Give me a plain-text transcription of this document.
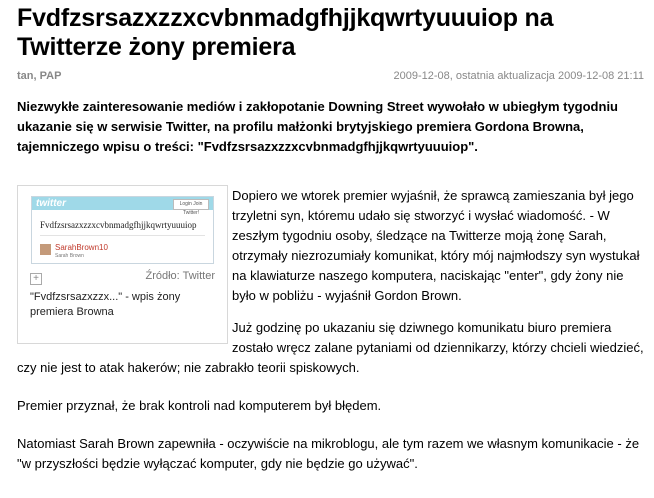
Fvdfzsrsazxzzxcvbnmadgfhjjkqwrtyuuuiop na Twitterze żony premiera
tan, PAP	2009-12-08, ostatnia aktualizacja 2009-12-08 21:11

Niezwykłe zainteresowanie mediów i zakłopotanie Downing Street wywołało w ubiegłym tygodniu ukazanie się w serwisie Twitter, na profilu małżonki brytyjskiego premiera Gordona Browna, tajemniczego wpisu o treści: "Fvdfzsrsazxzzxcvbnmadgfhjjkqwrtyuuuiop".

twitter	Login Join Twitter!
Fvdfzsrsazxzzxcvbnmadgfhjjkqwrtyuuuiop
SarahBrown10
Sarah Brown
+	Źródło: Twitter

"Fvdfzsrsazxzzx..." - wpis żony premiera Browna

Dopiero we wtorek premier wyjaśnił, że sprawcą zamieszania był jego trzyletni syn, któremu udało się stworzyć i wysłać wiadomość. - W zeszłym tygodniu osoby, śledzące na Twitterze moją żonę Sarah, otrzymały niezrozumiały komunikat, który mój najmłodszy syn wystukał na klawiaturze naszego komputera, naciskając "enter", gdy żony nie było w pobliżu - wyjaśnił Gordon Brown.

Już godzinę po ukazaniu się dziwnego komunikatu biuro premiera zostało wręcz zalane pytaniami od dziennikarzy, którzy chcieli wiedzieć,

czy nie jest to atak hakerów; nie zabrakło teorii spiskowych.

Premier przyznał, że brak kontroli nad komputerem był błędem.

Natomiast Sarah Brown zapewniła - oczywiście na mikroblogu, ale tym razem we własnym komunikacie - że "w przyszłości będzie wyłączać komputer, gdy nie będzie go używać".
